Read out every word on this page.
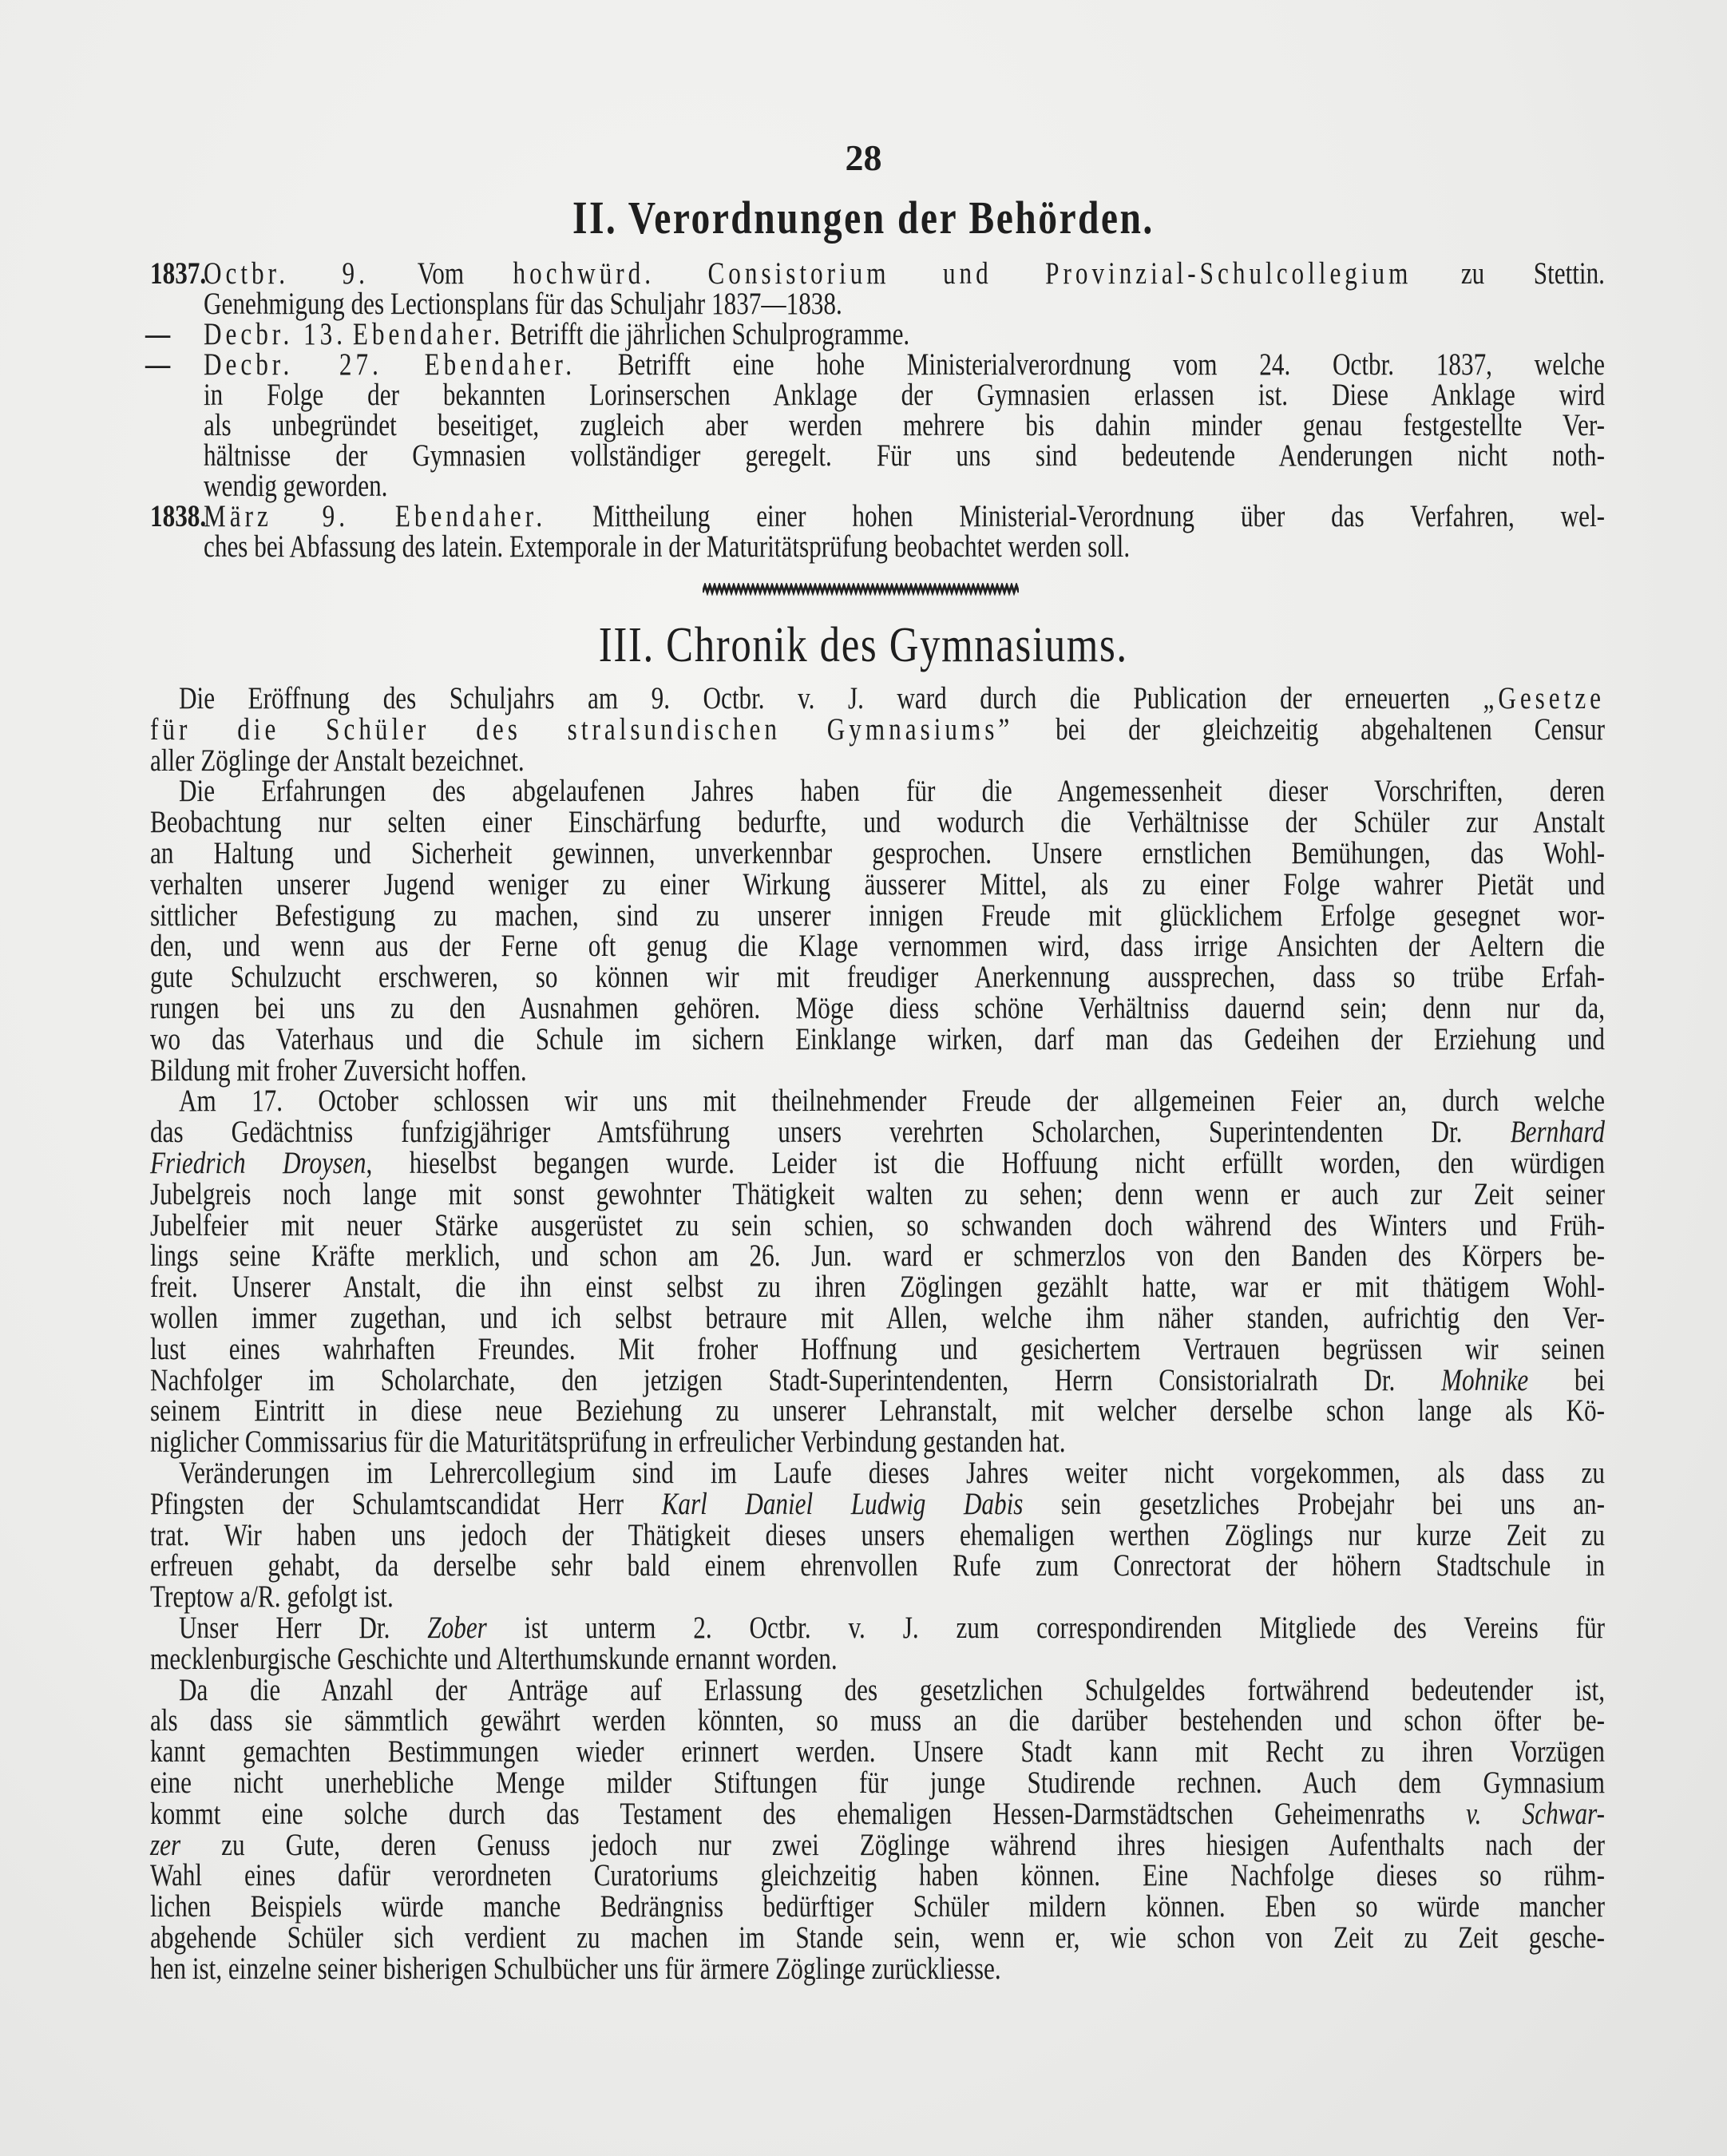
28
II. Verordnungen der Behörden.
1837.
Octbr. 9. Vom hochwürd. Consistorium und Provinzial-Schulcollegium zu Stettin.
Genehmigung des Lectionsplans für das Schuljahr 1837—1838.
— Decbr. 13. Ebendaher. Betrifft die jährlichen Schulprogramme.
— Decbr. 27. Ebendaher. Betrifft eine hohe Ministerialverordnung vom 24. Octbr. 1837, welche
in Folge der bekannten Lorinserschen Anklage der Gymnasien erlassen ist. Diese Anklage wird
als unbegründet beseitiget, zugleich aber werden mehrere bis dahin minder genau festgestellte Ver-
hältnisse der Gymnasien vollständiger geregelt. Für uns sind bedeutende Aenderungen nicht noth-
wendig geworden.
1838.
März 9. Ebendaher. Mittheilung einer hohen Ministerial-Verordnung über das Verfahren, wel-
ches bei Abfassung des latein. Extemporale in der Maturitätsprüfung beobachtet werden soll.
III. Chronik des Gymnasiums.
Die Eröffnung des Schuljahrs am 9. Octbr. v. J. ward durch die Publication der erneuerten „Gesetze
für die Schüler des stralsundischen Gymnasiums” bei der gleichzeitig abgehaltenen Censur
aller Zöglinge der Anstalt bezeichnet.
Die Erfahrungen des abgelaufenen Jahres haben für die Angemessenheit dieser Vorschriften, deren
Beobachtung nur selten einer Einschärfung bedurfte, und wodurch die Verhältnisse der Schüler zur Anstalt
an Haltung und Sicherheit gewinnen, unverkennbar gesprochen. Unsere ernstlichen Bemühungen, das Wohl-
verhalten unserer Jugend weniger zu einer Wirkung äusserer Mittel, als zu einer Folge wahrer Pietät und
sittlicher Befestigung zu machen, sind zu unserer innigen Freude mit glücklichem Erfolge gesegnet wor-
den, und wenn aus der Ferne oft genug die Klage vernommen wird, dass irrige Ansichten der Aeltern die
gute Schulzucht erschweren, so können wir mit freudiger Anerkennung aussprechen, dass so trübe Erfah-
rungen bei uns zu den Ausnahmen gehören. Möge diess schöne Verhältniss dauernd sein; denn nur da,
wo das Vaterhaus und die Schule im sichern Einklange wirken, darf man das Gedeihen der Erziehung und
Bildung mit froher Zuversicht hoffen.
Am 17. October schlossen wir uns mit theilnehmender Freude der allgemeinen Feier an, durch welche
das Gedächtniss funfzigjähriger Amtsführung unsers verehrten Scholarchen, Superintendenten Dr. Bernhard
Friedrich Droysen, hieselbst begangen wurde. Leider ist die Hoffuung nicht erfüllt worden, den würdigen
Jubelgreis noch lange mit sonst gewohnter Thätigkeit walten zu sehen; denn wenn er auch zur Zeit seiner
Jubelfeier mit neuer Stärke ausgerüstet zu sein schien, so schwanden doch während des Winters und Früh-
lings seine Kräfte merklich, und schon am 26. Jun. ward er schmerzlos von den Banden des Körpers be-
freit. Unserer Anstalt, die ihn einst selbst zu ihren Zöglingen gezählt hatte, war er mit thätigem Wohl-
wollen immer zugethan, und ich selbst betraure mit Allen, welche ihm näher standen, aufrichtig den Ver-
lust eines wahrhaften Freundes. Mit froher Hoffnung und gesichertem Vertrauen begrüssen wir seinen
Nachfolger im Scholarchate, den jetzigen Stadt-Superintendenten, Herrn Consistorialrath Dr. Mohnike bei
seinem Eintritt in diese neue Beziehung zu unserer Lehranstalt, mit welcher derselbe schon lange als Kö-
niglicher Commissarius für die Maturitätsprüfung in erfreulicher Verbindung gestanden hat.
Veränderungen im Lehrercollegium sind im Laufe dieses Jahres weiter nicht vorgekommen, als dass zu
Pfingsten der Schulamtscandidat Herr Karl Daniel Ludwig Dabis sein gesetzliches Probejahr bei uns an-
trat. Wir haben uns jedoch der Thätigkeit dieses unsers ehemaligen werthen Zöglings nur kurze Zeit zu
erfreuen gehabt, da derselbe sehr bald einem ehrenvollen Rufe zum Conrectorat der höhern Stadtschule in
Treptow a/R. gefolgt ist.
Unser Herr Dr. Zober ist unterm 2. Octbr. v. J. zum correspondirenden Mitgliede des Vereins für
mecklenburgische Geschichte und Alterthumskunde ernannt worden.
Da die Anzahl der Anträge auf Erlassung des gesetzlichen Schulgeldes fortwährend bedeutender ist,
als dass sie sämmtlich gewährt werden könnten, so muss an die darüber bestehenden und schon öfter be-
kannt gemachten Bestimmungen wieder erinnert werden. Unsere Stadt kann mit Recht zu ihren Vorzügen
eine nicht unerhebliche Menge milder Stiftungen für junge Studirende rechnen. Auch dem Gymnasium
kommt eine solche durch das Testament des ehemaligen Hessen-Darmstädtschen Geheimenraths v. Schwar-
zer zu Gute, deren Genuss jedoch nur zwei Zöglinge während ihres hiesigen Aufenthalts nach der
Wahl eines dafür verordneten Curatoriums gleichzeitig haben können. Eine Nachfolge dieses so rühm-
lichen Beispiels würde manche Bedrängniss bedürftiger Schüler mildern können. Eben so würde mancher
abgehende Schüler sich verdient zu machen im Stande sein, wenn er, wie schon von Zeit zu Zeit gesche-
hen ist, einzelne seiner bisherigen Schulbücher uns für ärmere Zöglinge zurückliesse.
